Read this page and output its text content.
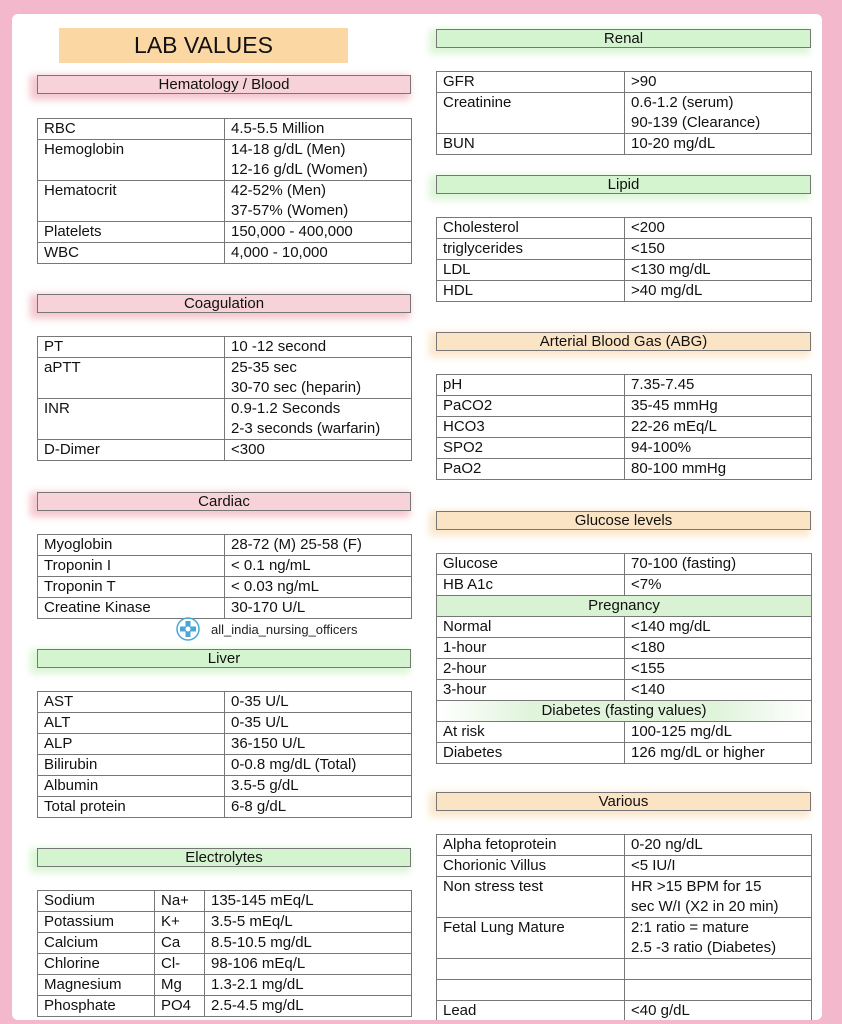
LAB VALUES
Hematology / Blood
RBC	4.5-5.5 Million
Hemoglobin	14-18 g/dL (Men)
12-16 g/dL (Women)
Hematocrit	42-52% (Men)
37-57% (Women)
Platelets	150,000 - 400,000
WBC	4,000 - 10,000
Coagulation
PT	10 -12 second
aPTT	25-35 sec
30-70 sec (heparin)
INR	0.9-1.2 Seconds
2-3 seconds (warfarin)
D-Dimer	<300
Cardiac
Myoglobin	28-72 (M) 25-58 (F)
Troponin I	< 0.1 ng/mL
Troponin T	< 0.03 ng/mL
Creatine Kinase	30-170 U/L
all_india_nursing_officers
Liver
AST	0-35 U/L
ALT	0-35 U/L
ALP	36-150 U/L
Bilirubin	0-0.8 mg/dL (Total)
Albumin	3.5-5 g/dL
Total protein	6-8 g/dL
Electrolytes
Sodium	Na+	135-145 mEq/L
Potassium	K+	3.5-5 mEq/L
Calcium	Ca	8.5-10.5 mg/dL
Chlorine	Cl-	98-106 mEq/L
Magnesium	Mg	1.3-2.1 mg/dL
Phosphate	PO4	2.5-4.5 mg/dL
Renal
GFR	>90
Creatinine	0.6-1.2 (serum)
90-139 (Clearance)
BUN	10-20 mg/dL
Lipid
Cholesterol	<200
triglycerides	<150
LDL	<130 mg/dL
HDL	>40 mg/dL
Arterial Blood Gas (ABG)
pH	7.35-7.45
PaCO2	35-45 mmHg
HCO3	22-26 mEq/L
SPO2	94-100%
PaO2	80-100 mmHg
Glucose levels
Glucose	70-100 (fasting)
HB A1c	<7%
Pregnancy	
Normal	<140 mg/dL
1-hour	<180
2-hour	<155
3-hour	<140
Diabetes (fasting values)	
At risk	100-125 mg/dL
Diabetes	126 mg/dL or higher
Various
Alpha fetoprotein	0-20 ng/dL
Chorionic Villus	<5 IU/I
Non stress test	HR >15 BPM for 15
sec W/I (X2 in 20 min)
Fetal Lung Mature	2:1 ratio = mature
2.5 -3 ratio (Diabetes)

Lead	<40 g/dL
